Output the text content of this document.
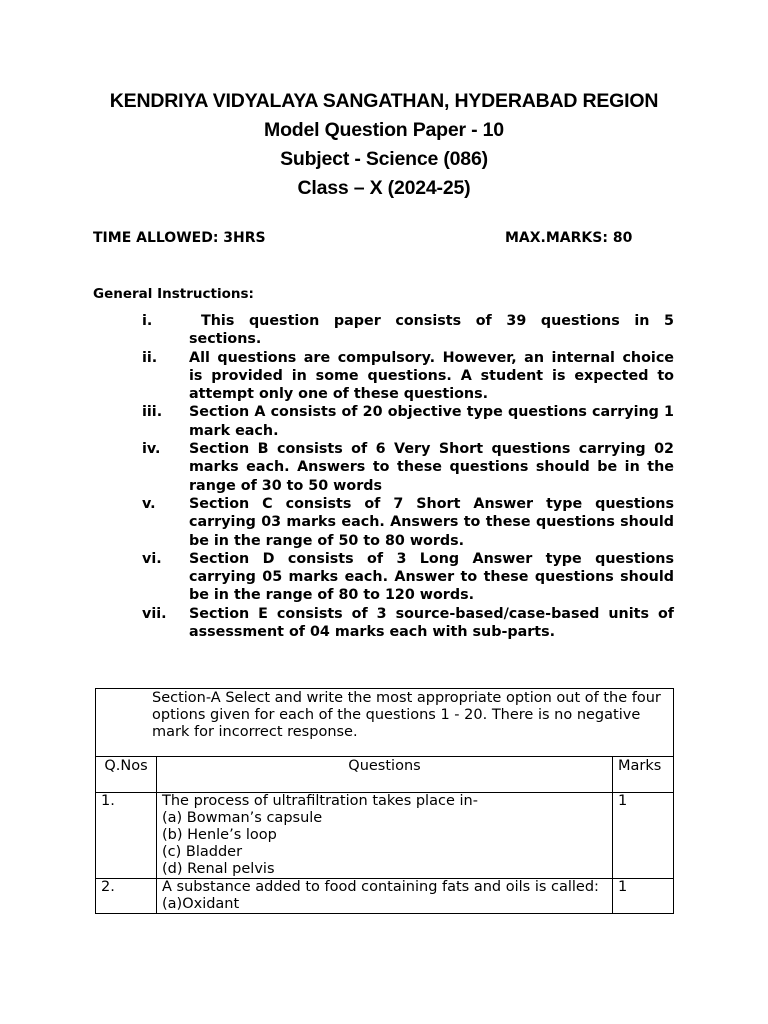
KENDRIYA VIDYALAYA SANGATHAN, HYDERABAD REGION
Model Question Paper - 10
Subject - Science (086)
Class – X (2024-25)
TIME ALLOWED: 3HRS	MAX.MARKS: 80
General Instructions:
i.	This question paper consists of 39 questions in 5 sections.
ii.	All questions are compulsory. However, an internal choice is provided in some questions. A student is expected to attempt only one of these questions.
iii.	Section A consists of 20 objective type questions carrying 1 mark each.
iv.	Section B consists of 6 Very Short questions carrying 02 marks each. Answers to these questions should be in the range of 30 to 50 words
v.	Section C consists of 7 Short Answer type questions carrying 03 marks each. Answers to these questions should be in the range of 50 to 80 words.
vi.	Section D consists of 3 Long Answer type questions carrying 05 marks each. Answer to these questions should be in the range of 80 to 120 words.
vii.	Section E consists of 3 source-based/case-based units of assessment of 04 marks each with sub-parts.
Section-A Select and write the most appropriate option out of the four options given for each of the questions 1 - 20. There is no negative mark for incorrect response.		
Q.Nos	Questions	Marks
1.	The process of ultrafiltration takes place in-
(a) Bowman’s capsule
(b) Henle’s loop
(c) Bladder
(d) Renal pelvis	1
2.	A substance added to food containing fats and oils is called:
(a)Oxidant	1
